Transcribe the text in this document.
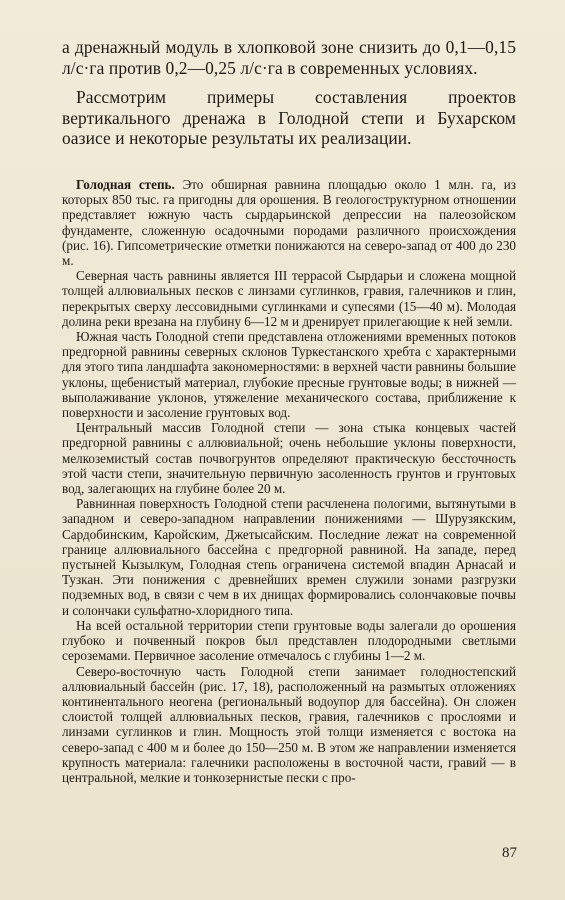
а дренажный модуль в хлопковой зоне снизить до 0,1—0,15 л/с·га против 0,2—0,25 л/с·га в современных условиях.

Рассмотрим примеры составления проектов вертикального дренажа в Голодной степи и Бухарском оазисе и некоторые результаты их реализации.

Голодная степь. Это обширная равнина площадью около 1 млн. га, из которых 850 тыс. га пригодны для орошения. В геологоструктурном отношении представляет южную часть сырдарьинской депрессии на палеозойском фундаменте, сложенную осадочными породами различного происхождения (рис. 16). Гипсометрические отметки понижаются на северо-запад от 400 до 230 м.

Северная часть равнины является III террасой Сырдарьи и сложена мощной толщей аллювиальных песков с линзами суглинков, гравия, галечников и глин, перекрытых сверху лессовидными суглинками и супесями (15—40 м). Молодая долина реки врезана на глубину 6—12 м и дренирует прилегающие к ней земли.

Южная часть Голодной степи представлена отложениями временных потоков предгорной равнины северных склонов Туркестанского хребта с характерными для этого типа ландшафта закономерностями: в верхней части равнины большие уклоны, щебенистый материал, глубокие пресные грунтовые воды; в нижней — выполаживание уклонов, утяжеление механического состава, приближение к поверхности и засоление грунтовых вод.

Центральный массив Голодной степи — зона стыка концевых частей предгорной равнины с аллювиальной; очень небольшие уклоны поверхности, мелкоземистый состав почвогрунтов определяют практическую бессточность этой части степи, значительную первичную засоленность грунтов и грунтовых вод, залегающих на глубине более 20 м.

Равнинная поверхность Голодной степи расчленена пологими, вытянутыми в западном и северо-западном направлении понижениями — Шурузякским, Сардобинским, Каройским, Джетысайским. Последние лежат на современной границе аллювиального бассейна с предгорной равниной. На западе, перед пустыней Кызылкум, Голодная степь ограничена системой впадин Арнасай и Тузкан. Эти понижения с древнейших времен служили зонами разгрузки подземных вод, в связи с чем в их днищах формировались солончаковые почвы и солончаки сульфатно-хлоридного типа.

На всей остальной территории степи грунтовые воды залегали до орошения глубоко и почвенный покров был представлен плодородными светлыми сероземами. Первичное засоление отмечалось с глубины 1—2 м.

Северо-восточную часть Голодной степи занимает голодностепский аллювиальный бассейн (рис. 17, 18), расположенный на размытых отложениях континентального неогена (региональный водоупор для бассейна). Он сложен слоистой толщей аллювиальных песков, гравия, галечников с прослоями и линзами суглинков и глин. Мощность этой толщи изменяется с востока на северо-запад с 400 м и более до 150—250 м. В этом же направлении изменяется крупность материала: галечники расположены в восточной части, гравий — в центральной, мелкие и тонкозернистые пески с про-

87
